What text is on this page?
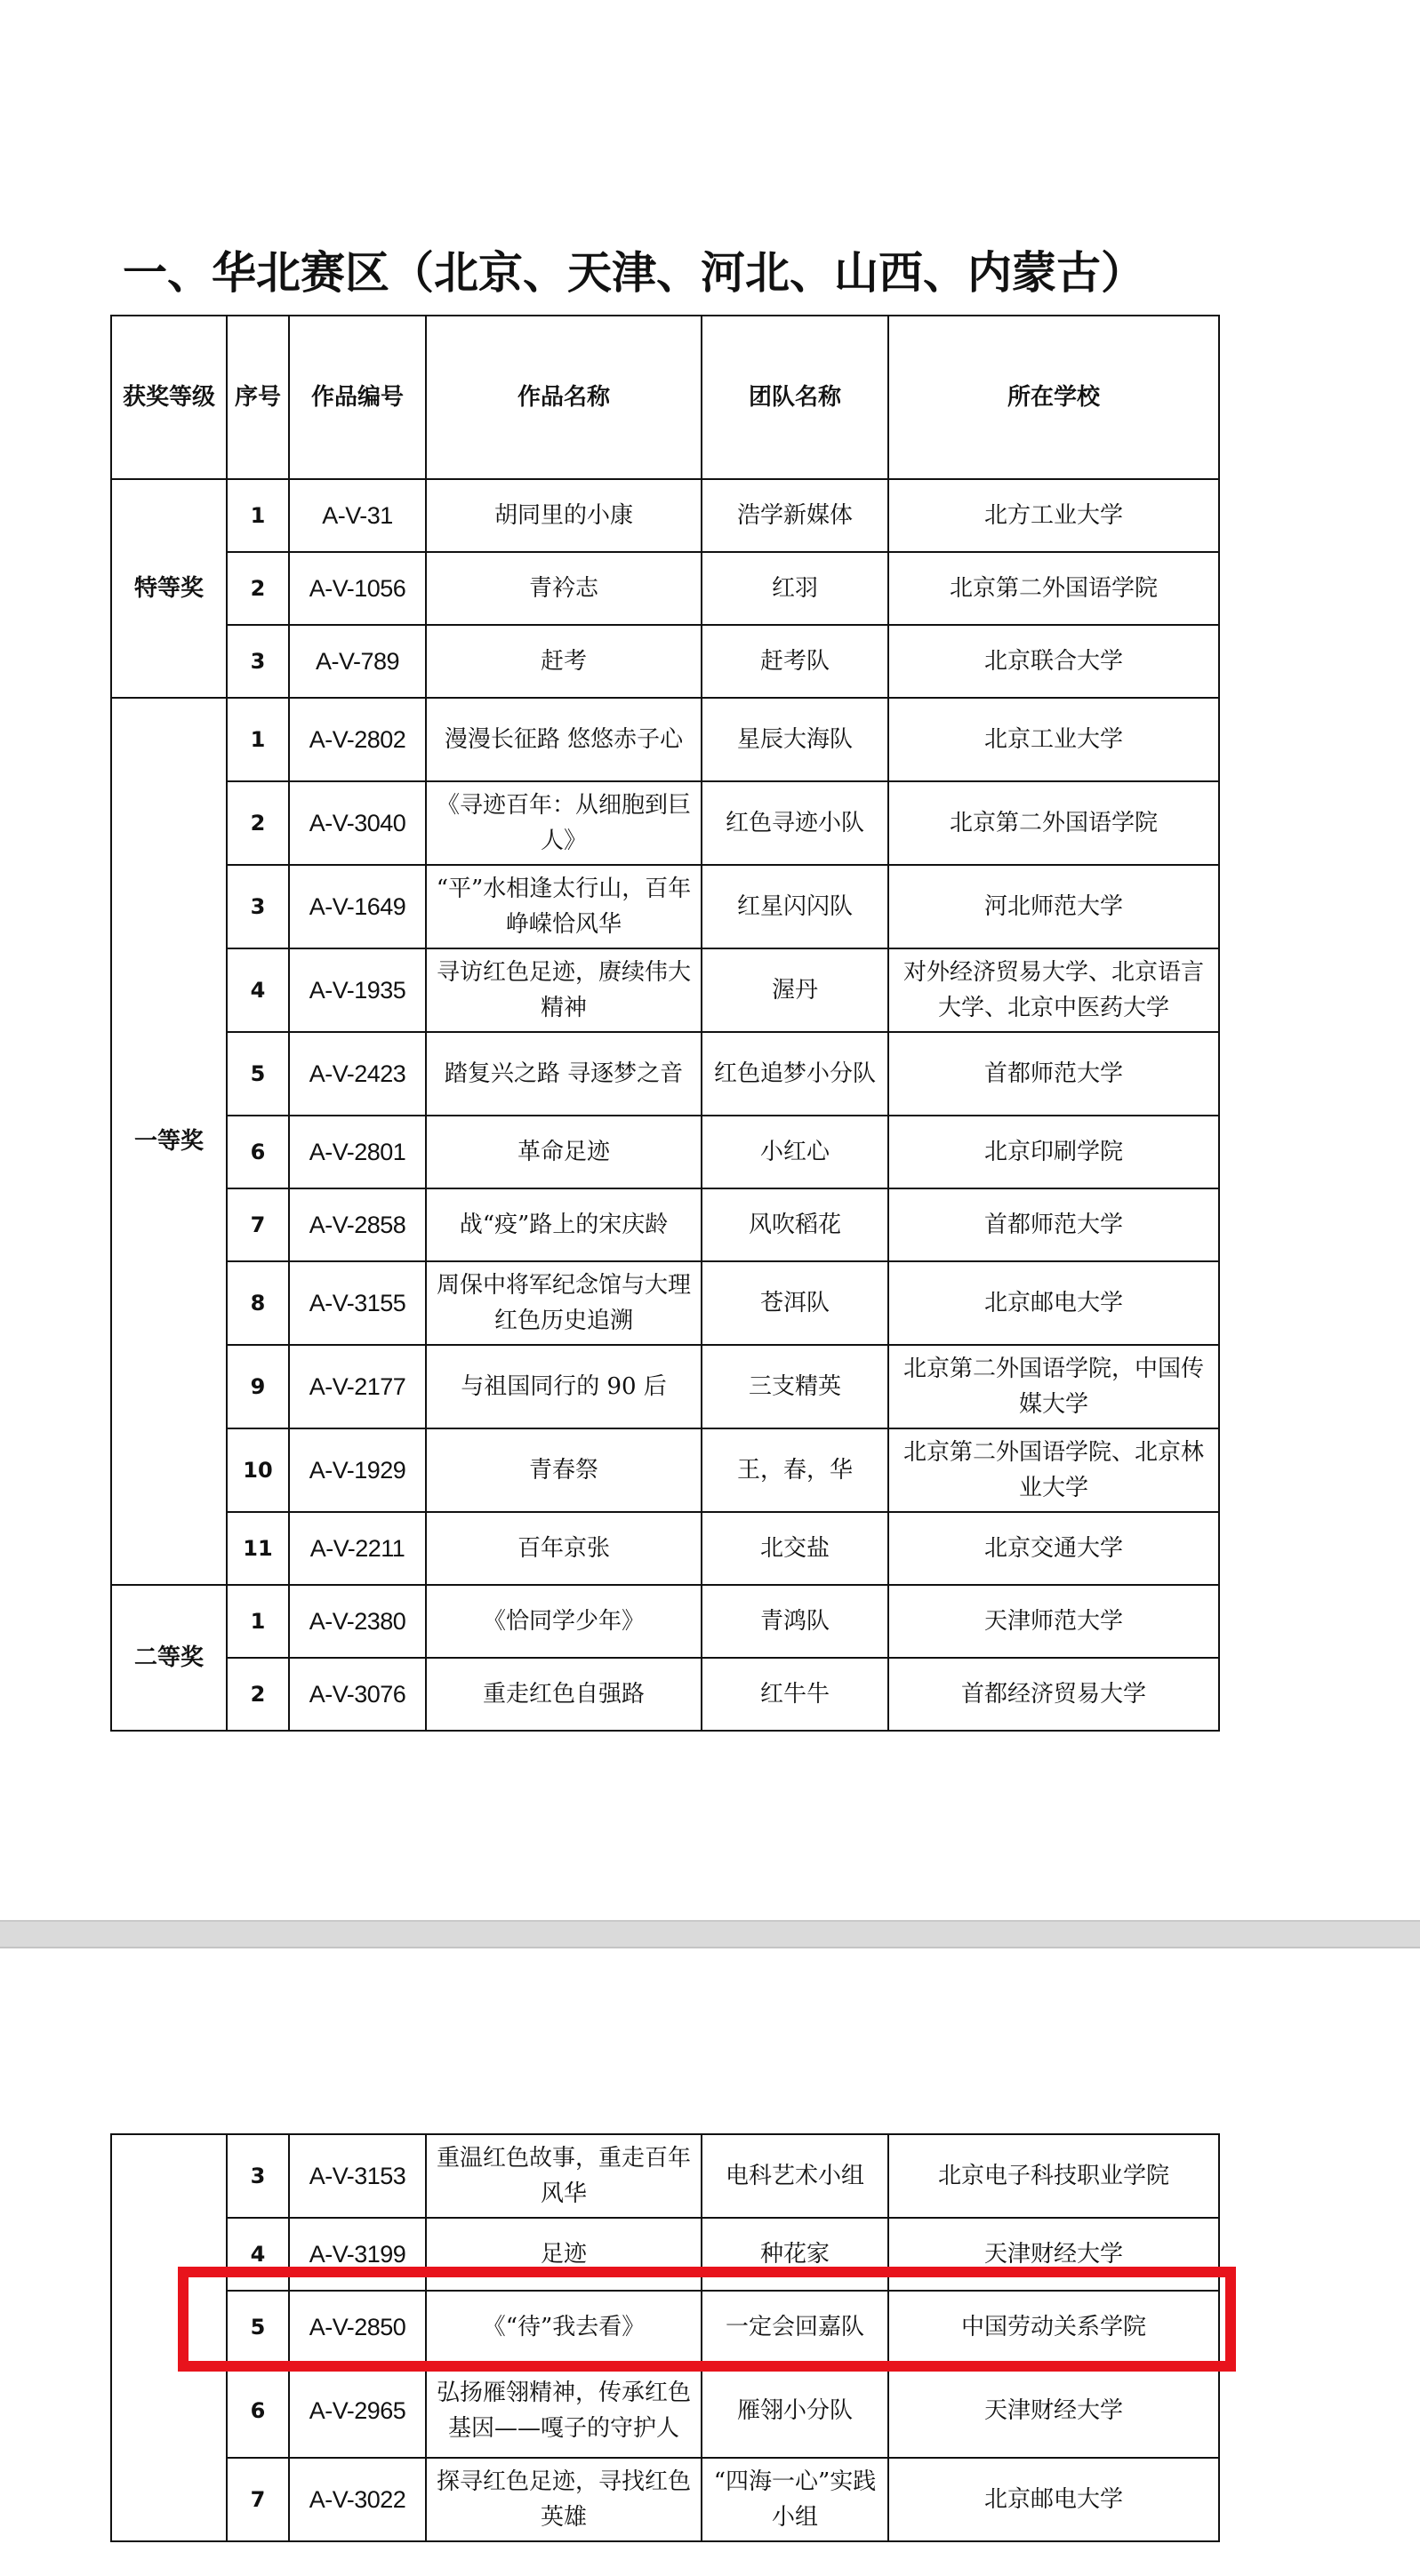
一、华北赛区（北京、天津、河北、山西、内蒙古）
获奖等级	序号	作品编号	作品名称	团队名称	所在学校
特等奖	1	A-V-31	胡同里的小康	浩学新媒体	北方工业大学
	2	A-V-1056	青衿志	红羽	北京第二外国语学院
	3	A-V-789	赶考	赶考队	北京联合大学
一等奖	1	A-V-2802	漫漫长征路 悠悠赤子心	星辰大海队	北京工业大学
	2	A-V-3040	《寻迹百年：从细胞到巨人》	红色寻迹小队	北京第二外国语学院
	3	A-V-1649	“平”水相逢太行山，百年峥嵘恰风华	红星闪闪队	河北师范大学
	4	A-V-1935	寻访红色足迹，赓续伟大精神	渥丹	对外经济贸易大学、北京语言大学、北京中医药大学
	5	A-V-2423	踏复兴之路 寻逐梦之音	红色追梦小分队	首都师范大学
	6	A-V-2801	革命足迹	小红心	北京印刷学院
	7	A-V-2858	战“疫”路上的宋庆龄	风吹稻花	首都师范大学
	8	A-V-3155	周保中将军纪念馆与大理红色历史追溯	苍洱队	北京邮电大学
	9	A-V-2177	与祖国同行的 90 后	三支精英	北京第二外国语学院，中国传媒大学
	10	A-V-1929	青春祭	王，春，华	北京第二外国语学院、北京林业大学
	11	A-V-2211	百年京张	北交盐	北京交通大学
二等奖	1	A-V-2380	《恰同学少年》	青鸿队	天津师范大学
	2	A-V-3076	重走红色自强路	红牛牛	首都经济贸易大学
	3	A-V-3153	重温红色故事，重走百年风华	电科艺术小组	北京电子科技职业学院
	4	A-V-3199	足迹	种花家	天津财经大学
	5	A-V-2850	《“待”我去看》	一定会回嘉队	中国劳动关系学院
	6	A-V-2965	弘扬雁翎精神，传承红色基因——嘎子的守护人	雁翎小分队	天津财经大学
	7	A-V-3022	探寻红色足迹，寻找红色英雄	“四海一心”实践小组	北京邮电大学
